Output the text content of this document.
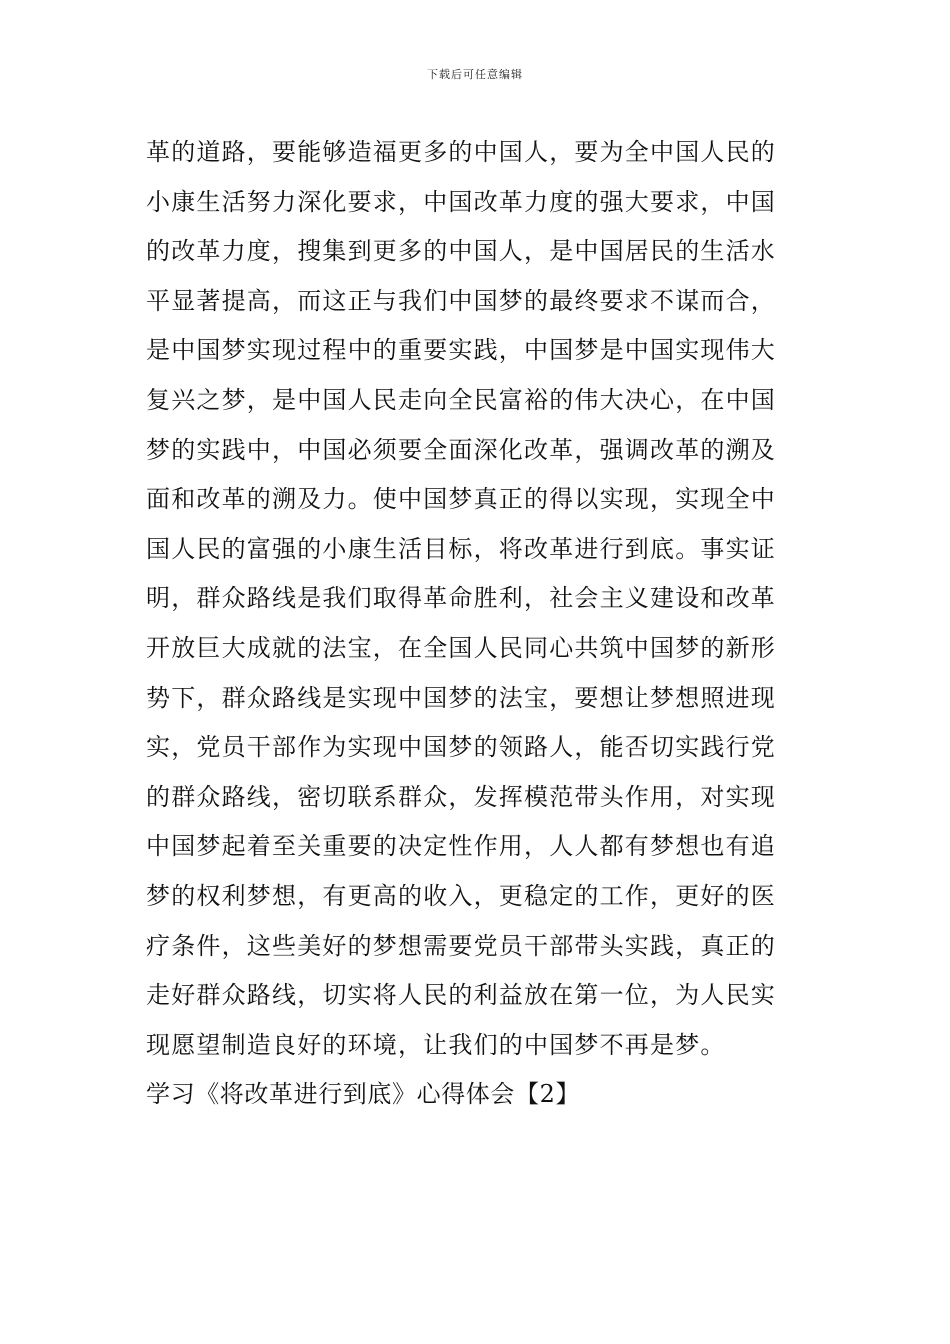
下载后可任意编辑
革的道路，要能够造福更多的中国人，要为全中国人民的
小康生活努力深化要求，中国改革力度的强大要求，中国
的改革力度，搜集到更多的中国人，是中国居民的生活水
平显著提高，而这正与我们中国梦的最终要求不谋而合，
是中国梦实现过程中的重要实践，中国梦是中国实现伟大
复兴之梦，是中国人民走向全民富裕的伟大决心，在中国
梦的实践中，中国必须要全面深化改革，强调改革的溯及
面和改革的溯及力。使中国梦真正的得以实现，实现全中
国人民的富强的小康生活目标，将改革进行到底。事实证
明，群众路线是我们取得革命胜利，社会主义建设和改革
开放巨大成就的法宝，在全国人民同心共筑中国梦的新形
势下，群众路线是实现中国梦的法宝，要想让梦想照进现
实，党员干部作为实现中国梦的领路人，能否切实践行党
的群众路线，密切联系群众，发挥模范带头作用，对实现
中国梦起着至关重要的决定性作用，人人都有梦想也有追
梦的权利梦想，有更高的收入，更稳定的工作，更好的医
疗条件，这些美好的梦想需要党员干部带头实践，真正的
走好群众路线，切实将人民的利益放在第一位，为人民实
现愿望制造良好的环境，让我们的中国梦不再是梦。
学习《将改革进行到底》心得体会【2】
